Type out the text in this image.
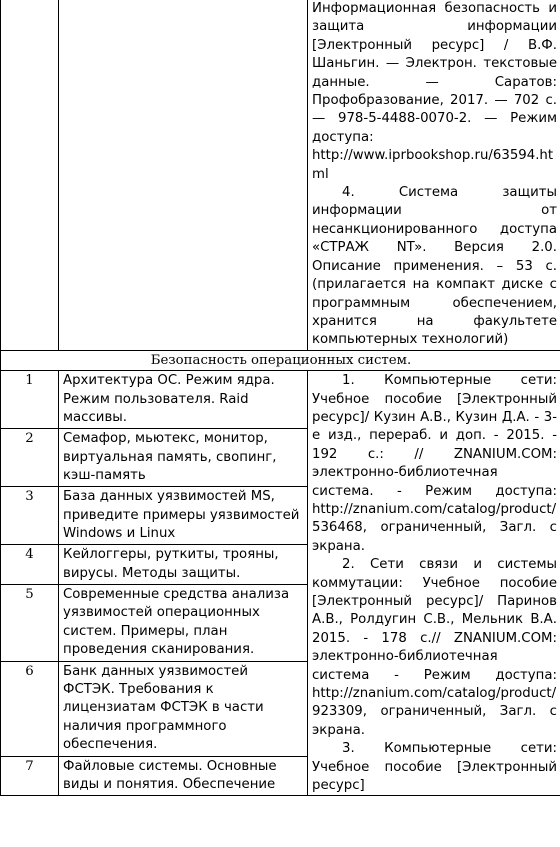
		Информационная безопасность и защита информации [Электронный ресурс] / В.Ф. Шаньгин. — Электрон. текстовые данные. — Саратов: Профобразование, 2017. — 702 с. — 978-5-4488-0070-2. — Режим доступа: http://www.iprbookshop.ru/63594.html

4. Система защиты информации от несанкционированного доступа «СТРАЖ NT». Версия 2.0. Описание применения. – 53 с. (прилагается на компакт диске с программным обеспечением, хранится на факультете компьютерных технологий)

Безопасность операционных систем.		
1	Архитектура ОС. Режим ядра. Режим пользователя. Raid массивы.	1. Компьютерные сети: Учебное пособие [Электронный ресурс]/ Кузин А.В., Кузин Д.А. - 3-е изд., перераб. и доп. - 2015. - 192 с.: // ZNANIUM.COM: электронно-библиотечная система. - Режим доступа: http://znanium.com/catalog/product/536468, ограниченный, Загл. с экрана.

2. Сети связи и системы коммутации: Учебное пособие [Электронный ресурс]/ Паринов А.В., Ролдугин С.В., Мельник В.А. 2015. - 178 с.// ZNANIUM.COM: электронно-библиотечная система - Режим доступа: http://znanium.com/catalog/product/923309, ограниченный, Загл. с экрана.

3. Компьютерные сети: Учебное пособие [Электронный ресурс]

2	Семафор, мьютекс, монитор, виртуальная память, свопинг, кэш-память	
3	База данных уязвимостей MS, приведите примеры уязвимостей Windows и Linux	
4	Кейлоггеры, руткиты, трояны, вирусы. Методы защиты.	
5	Современные средства анализа уязвимостей операционных систем. Примеры, план проведения сканирования.	
6	Банк данных уязвимостей ФСТЭК. Требования к лицензиатам ФСТЭК в части наличия программного обеспечения.	
7	Файловые системы. Основные виды и понятия. Обеспечение	
